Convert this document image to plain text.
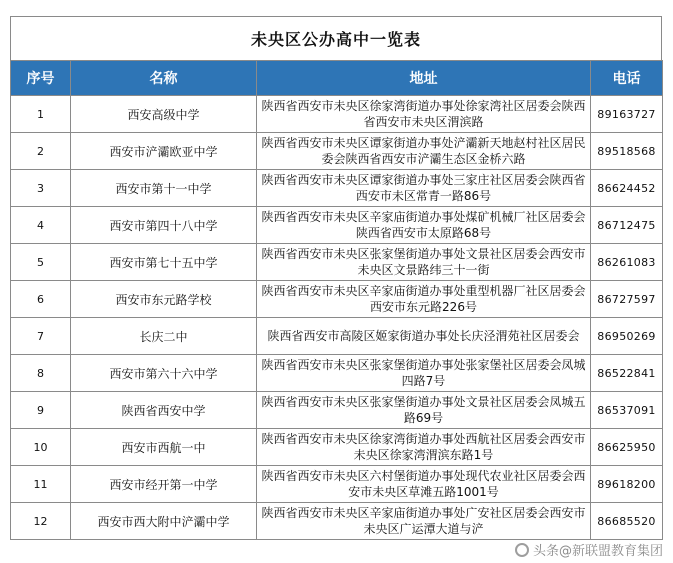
未央区公办高中一览表
序号	名称	地址	电话
1	西安高级中学	陕西省西安市未央区徐家湾街道办事处徐家湾社区居委会陕西省西安市未央区渭滨路	89163727
2	西安市浐灞欧亚中学	陕西省西安市未央区谭家街道办事处浐灞新天地赵村社区居民委会陕西省西安市浐灞生态区金桥六路	89518568
3	西安市第十一中学	陕西省西安市未央区谭家街道办事处三家庄社区居委会陕西省西安市未区常青一路86号	86624452
4	西安市第四十八中学	陕西省西安市未央区辛家庙街道办事处煤矿机械厂社区居委会陕西省西安市太原路68号	86712475
5	西安市第七十五中学	陕西省西安市未央区张家堡街道办事处文景社区居委会西安市未央区文景路纬三十一街	86261083
6	西安市东元路学校	陕西省西安市未央区辛家庙街道办事处重型机器厂社区居委会西安市东元路226号	86727597
7	长庆二中	陕西省西安市高陵区姬家街道办事处长庆泾渭苑社区居委会	86950269
8	西安市第六十六中学	陕西省西安市未央区张家堡街道办事处张家堡社区居委会凤城四路7号	86522841
9	陕西省西安中学	陕西省西安市未央区张家堡街道办事处文景社区居委会凤城五路69号	86537091
10	西安市西航一中	陕西省西安市未央区徐家湾街道办事处西航社区居委会西安市未央区徐家湾渭滨东路1号	86625950
11	西安市经开第一中学	陕西省西安市未央区六村堡街道办事处现代农业社区居委会西安市未央区草滩五路1001号	89618200
12	西安市西大附中浐灞中学	陕西省西安市未央区辛家庙街道办事处广安社区居委会西安市未央区广运潭大道与浐	86685520
头条@新联盟教育集团
